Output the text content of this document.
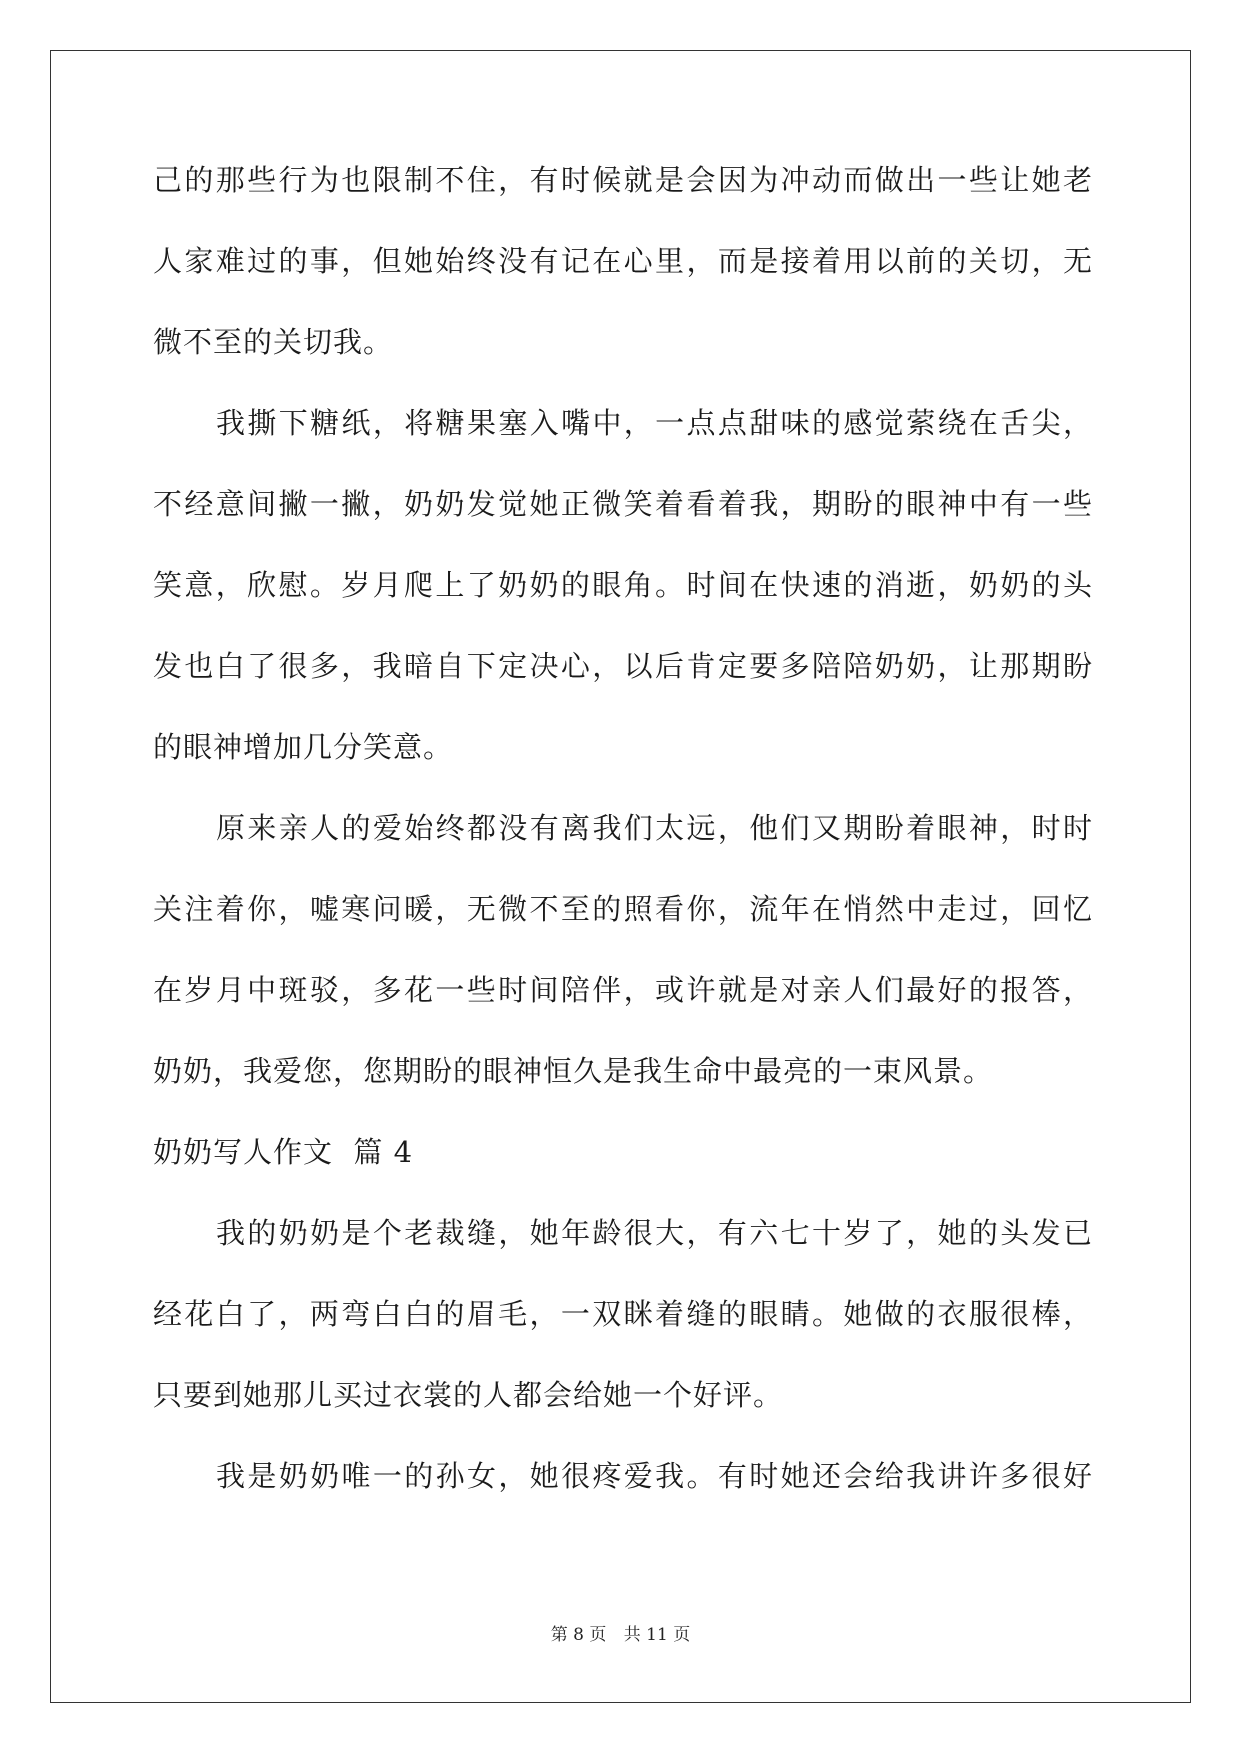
己的那些行为也限制不住，有时候就是会因为冲动而做出一些让她老
人家难过的事，但她始终没有记在心里，而是接着用以前的关切，无
微不至的关切我。
我撕下糖纸，将糖果塞入嘴中，一点点甜味的感觉萦绕在舌尖，
不经意间撇一撇，奶奶发觉她正微笑着看着我，期盼的眼神中有一些
笑意，欣慰。岁月爬上了奶奶的眼角。时间在快速的消逝，奶奶的头
发也白了很多，我暗自下定决心，以后肯定要多陪陪奶奶，让那期盼
的眼神增加几分笑意。
原来亲人的爱始终都没有离我们太远，他们又期盼着眼神，时时
关注着你，嘘寒问暖，无微不至的照看你，流年在悄然中走过，回忆
在岁月中斑驳，多花一些时间陪伴，或许就是对亲人们最好的报答，
奶奶，我爱您，您期盼的眼神恒久是我生命中最亮的一束风景。
奶奶写人作文  篇 4
我的奶奶是个老裁缝，她年龄很大，有六七十岁了，她的头发已
经花白了，两弯白白的眉毛，一双眯着缝的眼睛。她做的衣服很棒，
只要到她那儿买过衣裳的人都会给她一个好评。
我是奶奶唯一的孙女，她很疼爱我。有时她还会给我讲许多很好
第 8 页 共 11 页
